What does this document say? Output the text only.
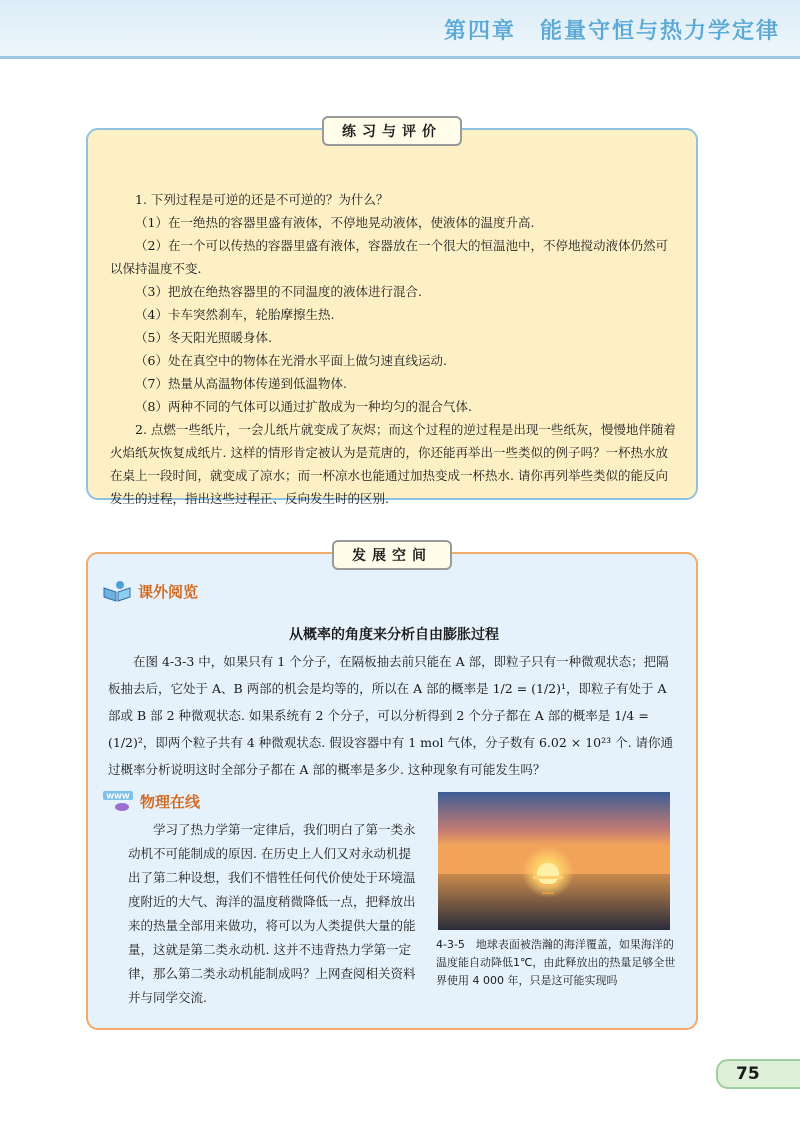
第四章　能量守恒与热力学定律
练习与评价

1. 下列过程是可逆的还是不可逆的？为什么？

（1）在一绝热的容器里盛有液体，不停地晃动液体，使液体的温度升高.

（2）在一个可以传热的容器里盛有液体，容器放在一个很大的恒温池中，不停地搅动液体仍然可以保持温度不变.

（3）把放在绝热容器里的不同温度的液体进行混合.

（4）卡车突然刹车，轮胎摩擦生热.

（5）冬天阳光照暖身体.

（6）处在真空中的物体在光滑水平面上做匀速直线运动.

（7）热量从高温物体传递到低温物体.

（8）两种不同的气体可以通过扩散成为一种均匀的混合气体.

2. 点燃一些纸片，一会儿纸片就变成了灰烬；而这个过程的逆过程是出现一些纸灰，慢慢地伴随着火焰纸灰恢复成纸片. 这样的情形肯定被认为是荒唐的，你还能再举出一些类似的例子吗？一杯热水放在桌上一段时间，就变成了凉水；而一杯凉水也能通过加热变成一杯热水. 请你再列举些类似的能反向发生的过程，指出这些过程正、反向发生时的区别.

发展空间
课外阅览
从概率的角度来分析自由膨胀过程

在图 4-3-3 中，如果只有 1 个分子，在隔板抽去前只能在 A 部，即粒子只有一种微观状态；把隔板抽去后，它处于 A、B 两部的机会是均等的，所以在 A 部的概率是 1/2 = (1/2)¹，即粒子有处于 A 部或 B 部 2 种微观状态. 如果系统有 2 个分子，可以分析得到 2 个分子都在 A 部的概率是 1/4 = (1/2)²，即两个粒子共有 4 种微观状态. 假设容器中有 1 mol 气体，分子数有 6.02 × 10²³ 个. 请你通过概率分析说明这时全部分子都在 A 部的概率是多少. 这种现象有可能发生吗？

WWW 物理在线

学习了热力学第一定律后，我们明白了第一类永动机不可能制成的原因. 在历史上人们又对永动机提出了第二种设想，我们不惜牲任何代价使处于环境温度附近的大气、海洋的温度稍微降低一点，把释放出来的热量全部用来做功，将可以为人类提供大量的能量，这就是第二类永动机. 这并不违背热力学第一定律，那么第二类永动机能制成吗？上网查阅相关资料并与同学交流.

4-3-5　地球表面被浩瀚的海洋覆盖，如果海洋的温度能自动降低1℃，由此释放出的热量足够全世界使用 4 000 年，只是这可能实现吗
75
